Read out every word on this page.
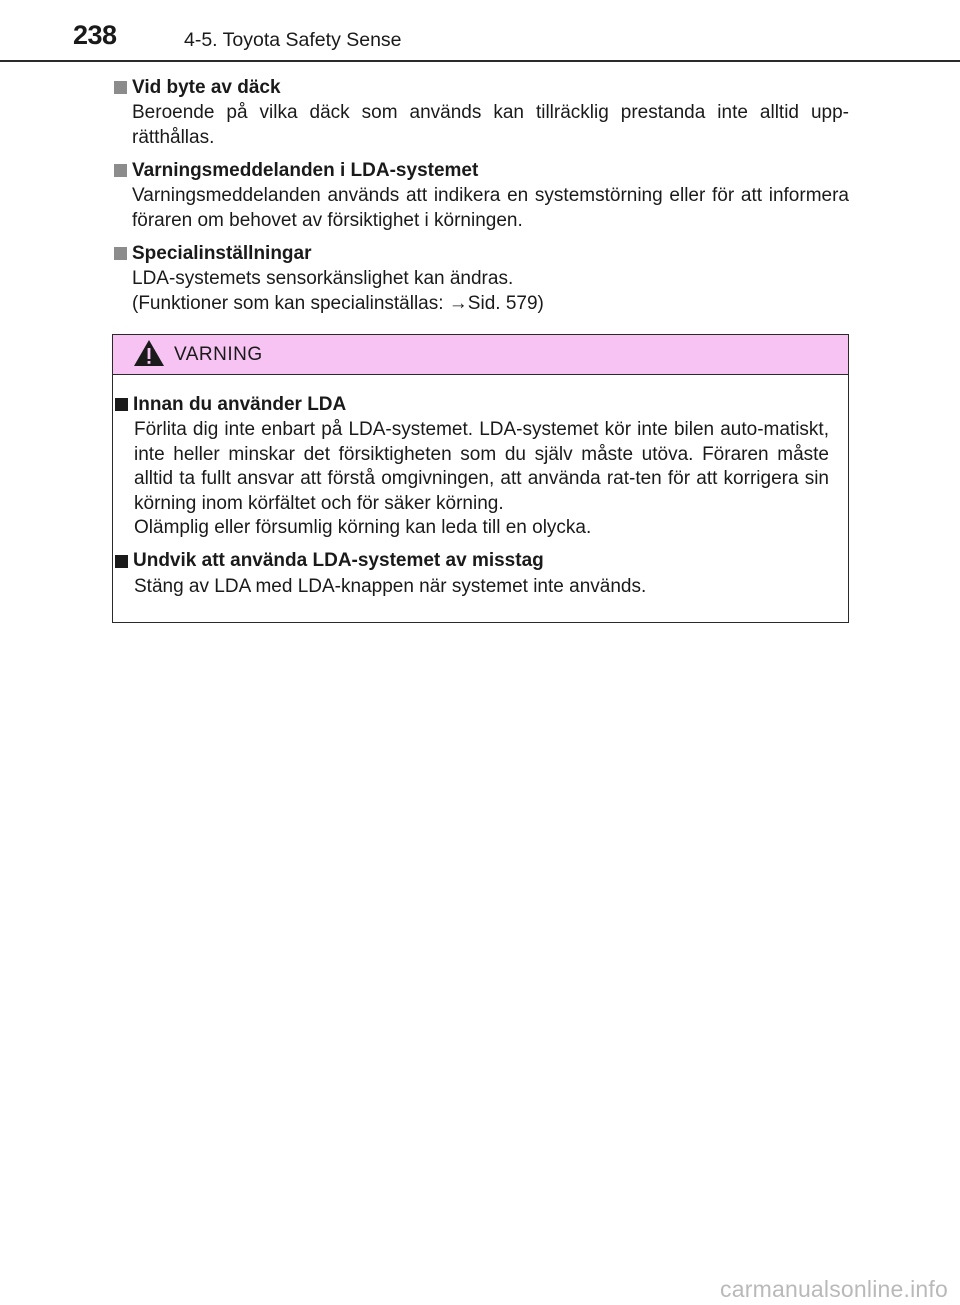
238	4-5. Toyota Safety Sense
Vid byte av däck

Beroende på vilka däck som används kan tillräcklig prestanda inte alltid upp-rätthållas.

Varningsmeddelanden i LDA-systemet

Varningsmeddelanden används att indikera en systemstörning eller för att informera föraren om behovet av försiktighet i körningen.

Specialinställningar

LDA-systemets sensorkänslighet kan ändras.

(Funktioner som kan specialinställas: →Sid. 579)

VARNING
Innan du använder LDA

Förlita dig inte enbart på LDA-systemet. LDA-systemet kör inte bilen auto-matiskt, inte heller minskar det försiktigheten som du själv måste utöva. Föraren måste alltid ta fullt ansvar att förstå omgivningen, att använda rat-ten för att korrigera sin körning inom körfältet och för säker körning.

Olämplig eller försumlig körning kan leda till en olycka.

Undvik att använda LDA-systemet av misstag

Stäng av LDA med LDA-knappen när systemet inte används.

carmanualsonline.info
